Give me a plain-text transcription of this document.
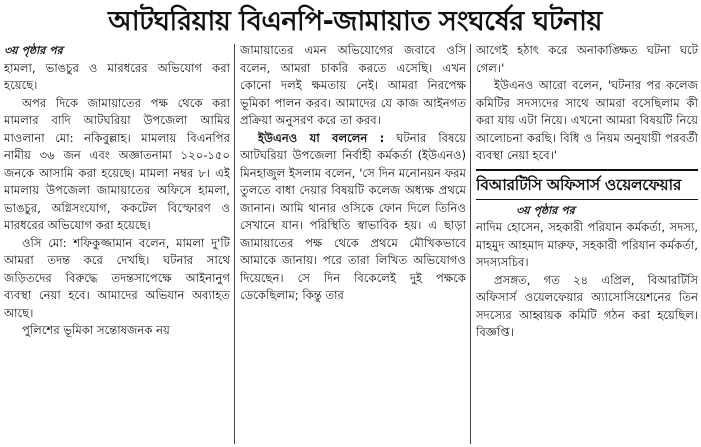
আটঘরিয়ায় বিএনপি-জামায়াত সংঘর্ষের ঘটনায়

৩য় পৃষ্ঠার পর

হামলা, ভাঙচুর ও মারধরের অভিযোগ করা হয়েছে।

অপর দিকে জামায়াতের পক্ষ থেকে করা মামলার বাদি আটঘরিয়া উপজেলা আমির মাওলানা মো: নকিবুল্লাহ। মামলায় বিএনপির নামীয় ৩৬ জন এবং অজ্ঞাতনামা ১২০-১৫০ জনকে আসামি করা হয়েছে। মামলা নম্বর ৮। এই মামলায় উপজেলা জামায়াতের অফিসে হামলা, ভাঙচুর, অগ্নিসংযোগ, ককটেল বিস্ফোরণ ও মারধরের অভিযোগ করা হয়েছে।

ওসি মো: শফিকুজ্জামান বলেন, মামলা দু'টি আমরা তদন্ত করে দেখছি। ঘটনার সাথে জড়িতদের বিরুদ্ধে তদন্তসাপেক্ষে আইনানুগ ব্যবস্থা নেয়া হবে। আমাদের অভিযান অব্যাহত আছে।

পুলিশের ভূমিকা সন্তোষজনক নয়

জামায়াতের এমন অভিযোগের জবাবে ওসি বলেন, আমরা চাকরি করতে এসেছি। এখন কোনো দলই ক্ষমতায় নেই। আমরা নিরপেক্ষ ভূমিকা পালন করব। আমাদের যে কাজ আইনগত প্রক্রিয়া অনুসরণ করে তা করব।

ইউএনও যা বললেন : ঘটনার বিষয়ে আটঘরিয়া উপজেলা নির্বাহী কর্মকর্তা (ইউএনও) মিনহাজুল ইসলাম বলেন, 'সে দিন মনোনয়ন ফরম তুলতে বাধা দেয়ার বিষয়টি কলেজ অধ্যক্ষ প্রথমে জানান। আমি থানার ওসিকে ফোন দিলে তিনিও সেখানে যান। পরিস্থিতি স্বাভাবিক হয়। এ ছাড়া জামায়াতের পক্ষ থেকে প্রথমে মৌখিকভাবে আমাকে জানায়। পরে তারা লিখিত অভিযোগও দিয়েছেন। সে দিন বিকেলেই দুই পক্ষকে ডেকেছিলাম; কিন্তু তার

আগেই হঠাৎ করে অনাকাঙ্ক্ষিত ঘটনা ঘটে গেল।'

ইউএনও আরো বলেন, 'ঘটনার পর কলেজ কমিটির সদস্যদের সাথে আমরা বসেছিলাম কী করা যায় এটা নিয়ে। এখনো আমরা বিষয়টি নিয়ে আলোচনা করছি। বিধি ও নিয়ম অনুযায়ী পরবর্তী ব্যবস্থা নেয়া হবে।'

বিআরটিসি অফিসার্স ওয়েলফেয়ার
৩য় পৃষ্ঠার পর

নাদিম হোসেন, সহকারী পরিযান কর্মকর্তা, সদস্য, মাহমুদ আহমাদ মারুফ, সহকারী পরিযান কর্মকর্তা, সদস্যসচিব।

প্রসঙ্গত, গত ২৪ এপ্রিল, বিআরটিসি অফিসার্স ওয়েলফেয়ার অ্যাসোসিয়েশনের তিন সদস্যের আহ্বায়ক কমিটি গঠন করা হয়েছিল। বিজ্ঞপ্তি।
